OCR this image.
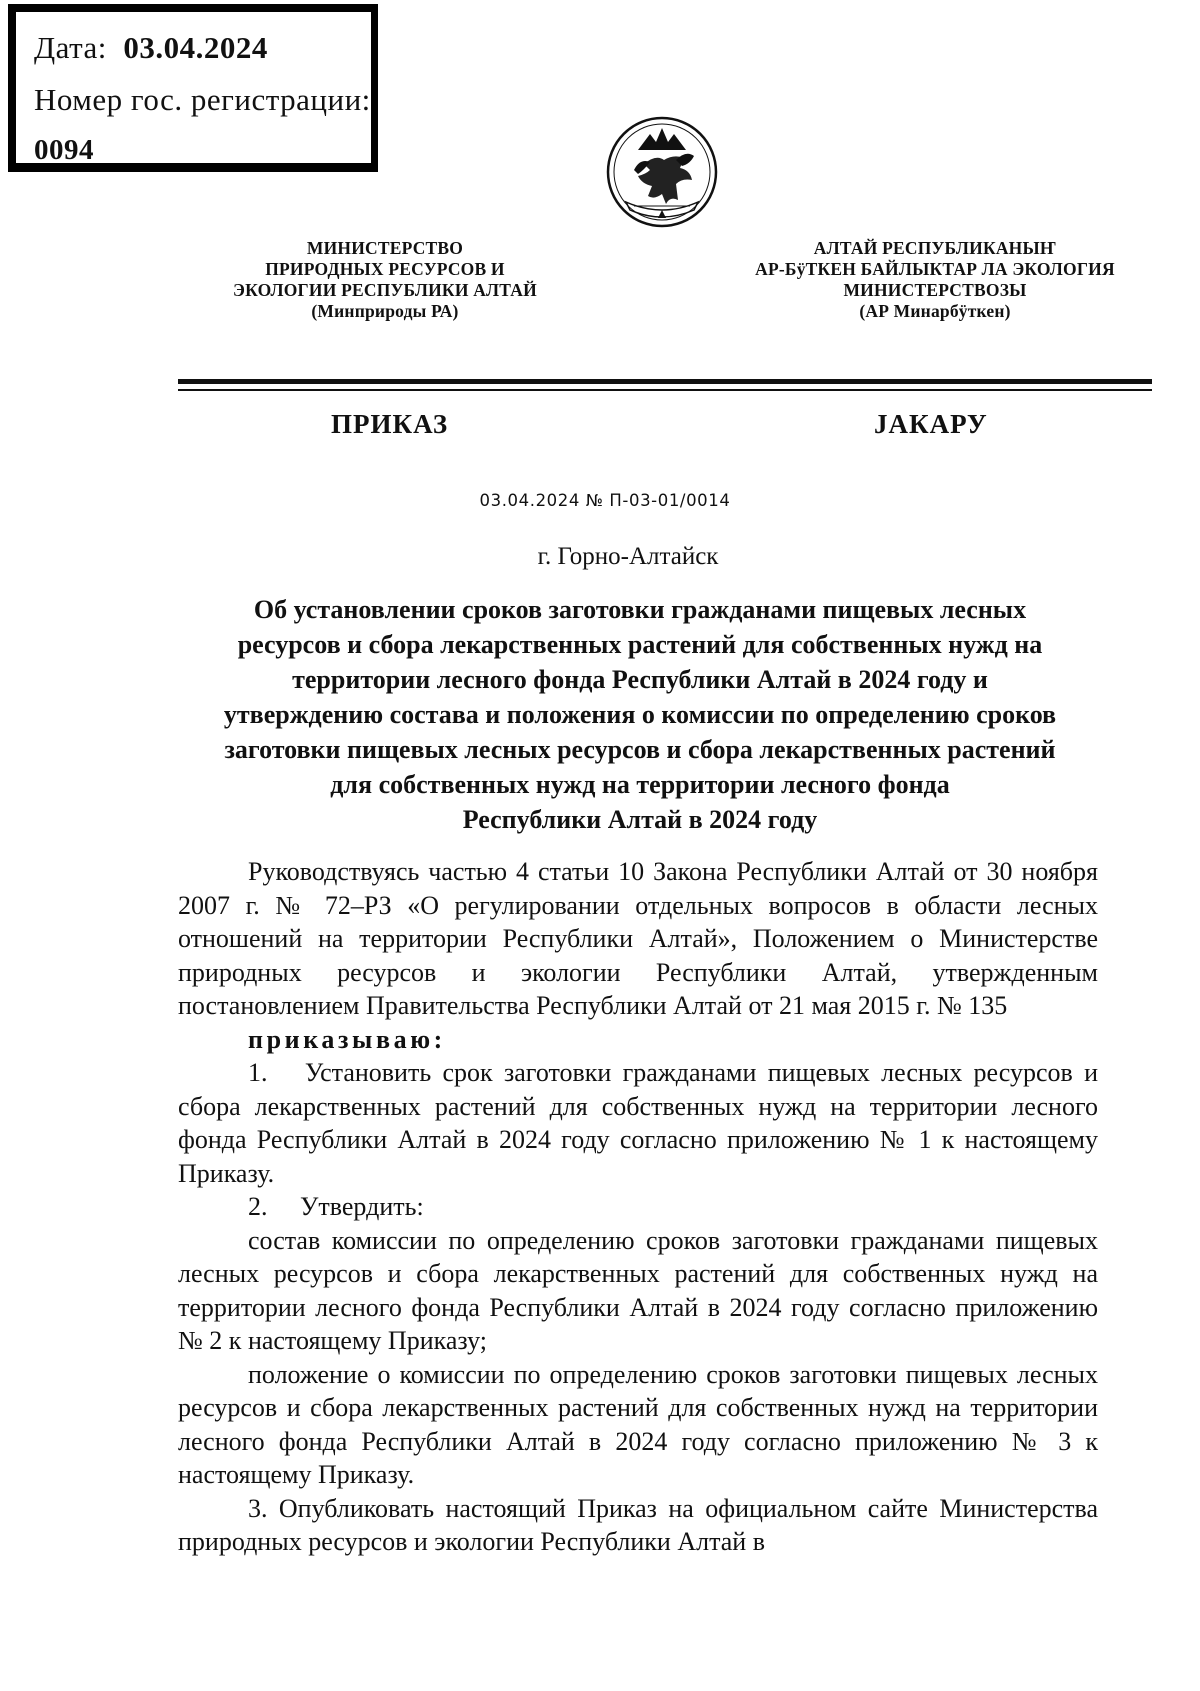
Дата: 03.04.2024
Номер гос. регистрации:
0094
МИНИСТЕРСТВО
ПРИРОДНЫХ РЕСУРСОВ И
ЭКОЛОГИИ РЕСПУБЛИКИ АЛТАЙ
(Минприроды РА)
АЛТАЙ РЕСПУБЛИКАНЫҤ
АР-БÿТКЕН БАЙЛЫКТАР ЛА ЭКОЛОГИЯ
МИНИСТЕРСТВОЗЫ
(АР Минарбÿткен)
ПРИКАЗ	JАКАРУ
03.04.2024 № П-03-01/0014
г. Горно-Алтайск
Об установлении сроков заготовки гражданами пищевых лесных
ресурсов и сбора лекарственных растений для собственных нужд на
территории лесного фонда Республики Алтай в 2024 году и
утверждению состава и положения о комиссии по определению сроков
заготовки пищевых лесных ресурсов и сбора лекарственных растений
для собственных нужд на территории лесного фонда
Республики Алтай в 2024 году
Руководствуясь частью 4 статьи 10 Закона Республики Алтай от 30 ноября 2007 г. № 72–РЗ «О регулировании отдельных вопросов в области лесных отношений на территории Республики Алтай», Положением о Министерстве природных ресурсов и экологии Республики Алтай, утвержденным постановлением Правительства Республики Алтай от 21 мая 2015 г. № 135
приказываю:
1.  Установить срок заготовки гражданами пищевых лесных ресурсов и сбора лекарственных растений для собственных нужд на территории лесного фонда Республики Алтай в 2024 году согласно приложению № 1 к настоящему Приказу.
2.  Утвердить:
состав комиссии по определению сроков заготовки гражданами пищевых лесных ресурсов и сбора лекарственных растений для собственных нужд на территории лесного фонда Республики Алтай в 2024 году согласно приложению № 2 к настоящему Приказу;
положение о комиссии по определению сроков заготовки пищевых лесных ресурсов и сбора лекарственных растений для собственных нужд на территории лесного фонда Республики Алтай в 2024 году согласно приложению № 3 к настоящему Приказу.
3. Опубликовать настоящий Приказ на официальном сайте Министерства природных ресурсов и экологии Республики Алтай в
